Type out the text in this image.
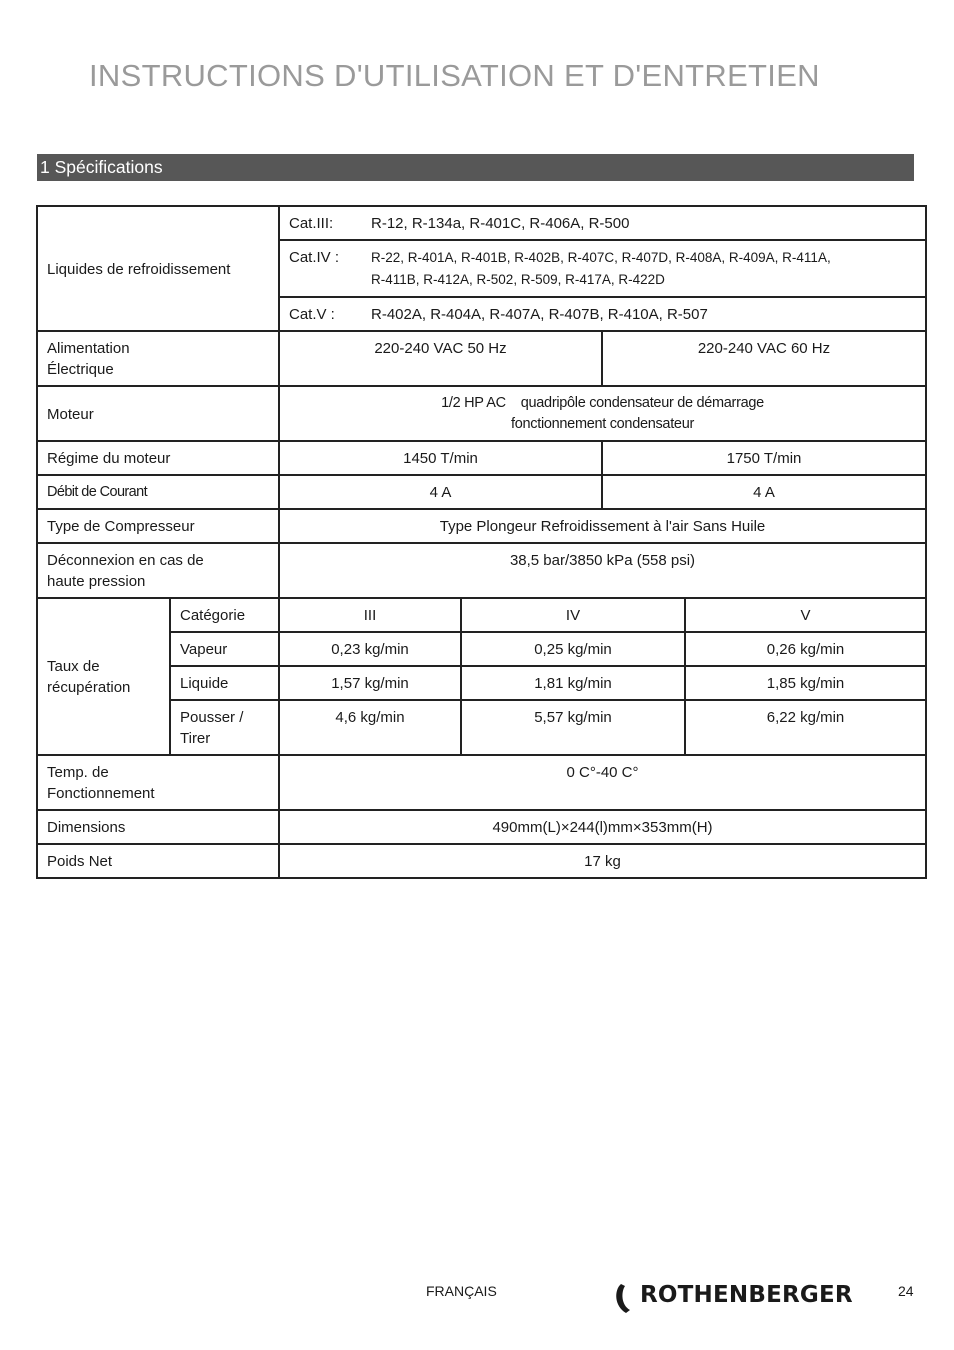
INSTRUCTIONS D'UTILISATION ET D'ENTRETIEN
1 Spécifications
Liquides de refroidissement		Cat.III: R-12, R-134a, R-401C, R-406A, R-500			

		Cat.IV : R-22, R-401A, R-401B, R-402B, R-407C, R-407D, R-408A, R-409A, R-411A,
R-411B, R-412A, R-502, R-509, R-417A, R-422D			

		Cat.V : R-402A, R-404A, R-407A, R-407B, R-410A, R-507			

Alimentation
Électrique		220-240 VAC 50 Hz		220-240 VAC 60 Hz	
Moteur		1/2 HP AC    quadripôle condensateur de démarrage
fonctionnement condensateur			
Régime du moteur		1450 T/min		1750 T/min	
Débit de Courant		4 A		4 A	
Type de Compresseur		Type Plongeur Refroidissement à l'air Sans Huile			
Déconnexion en cas de
haute pression		38,5 bar/3850 kPa (558 psi)			
Taux de
récupération	Catégorie	III	IV		V
	Vapeur	0,23 kg/min	0,25 kg/min		0,26 kg/min
	Liquide	1,57 kg/min	1,81 kg/min		1,85 kg/min
	Pousser /
Tirer	4,6 kg/min	5,57 kg/min		6,22 kg/min
Temp. de
Fonctionnement		0 C°-40 C°			
Dimensions		490mm(L)×244(l)mm×353mm(H)			
Poids Net		17 kg			
FRANÇAIS	ROTHENBERGER	24
